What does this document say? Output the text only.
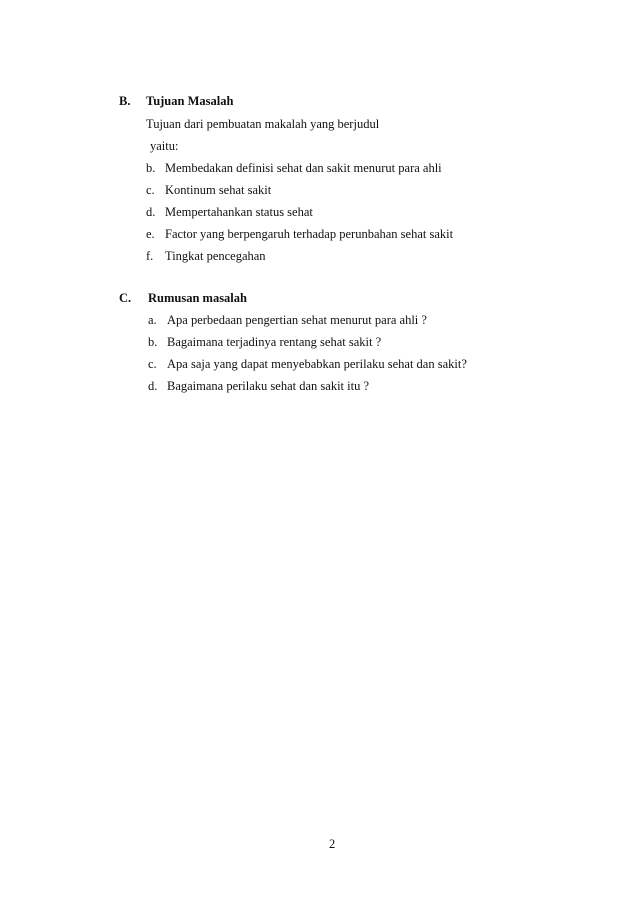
B. Tujuan Masalah
Tujuan dari pembuatan makalah yang berjudul
yaitu:
b. Membedakan definisi sehat dan sakit menurut para ahli
c. Kontinum sehat sakit
d. Mempertahankan status sehat
e. Factor yang berpengaruh terhadap perunbahan sehat sakit
f. Tingkat pencegahan
C. Rumusan masalah
a. Apa perbedaan pengertian sehat menurut para ahli ?
b. Bagaimana terjadinya rentang sehat sakit ?
c. Apa saja yang dapat menyebabkan perilaku sehat dan sakit?
d. Bagaimana perilaku sehat dan sakit itu ?
2
